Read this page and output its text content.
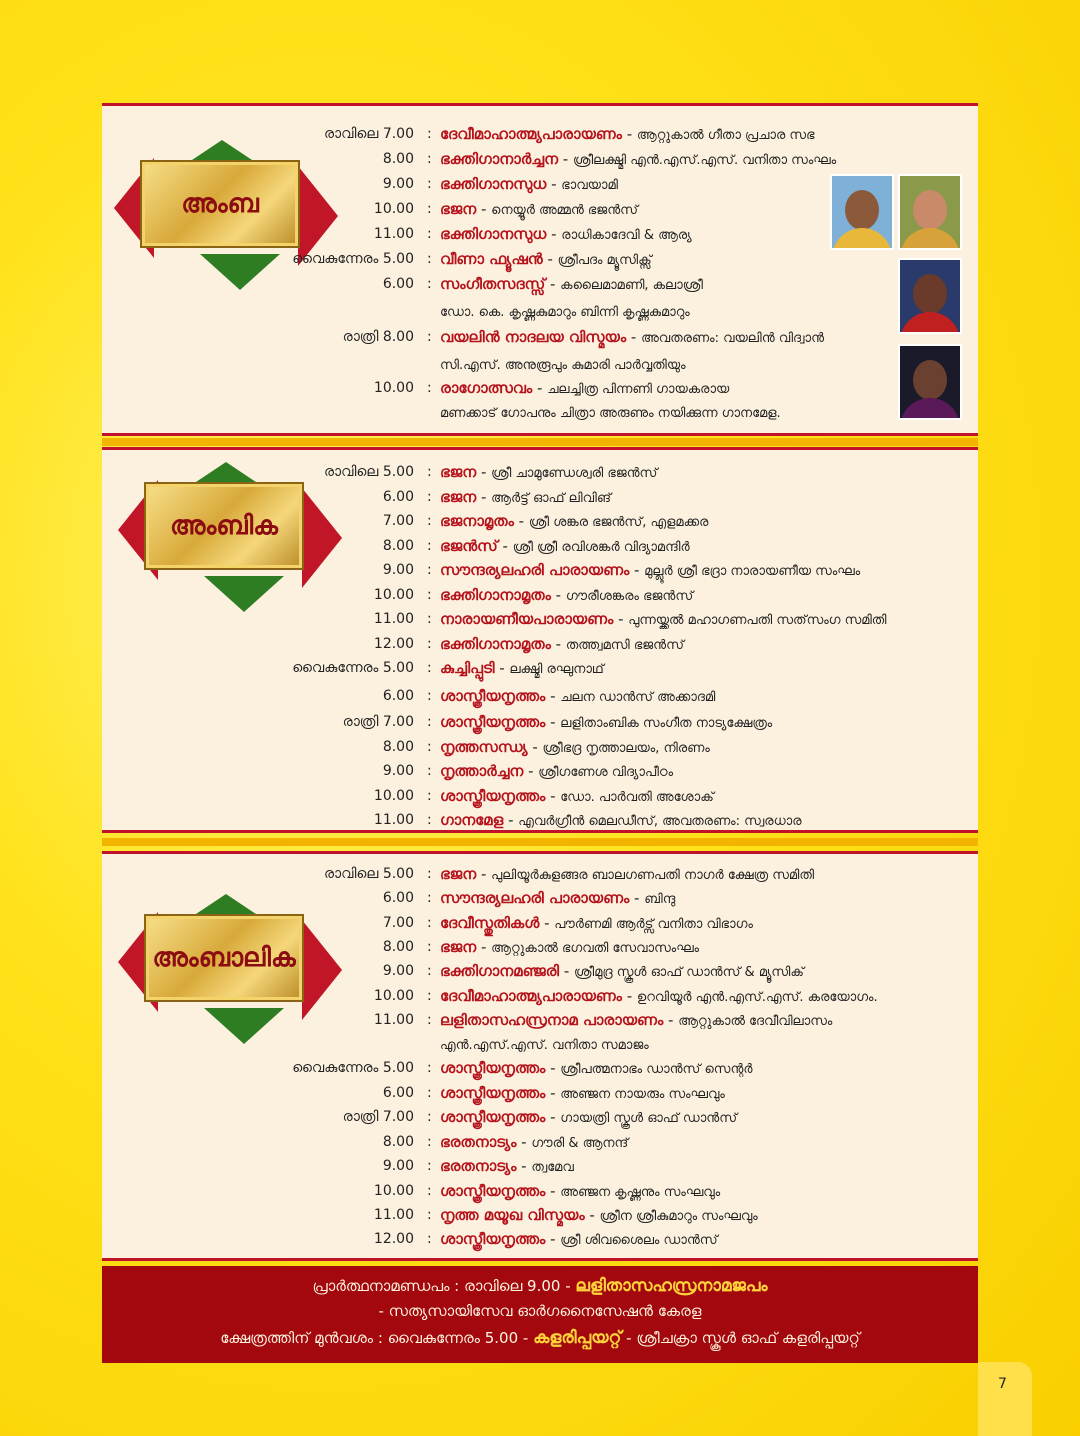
അംബ
രാവിലെ 7.00 : ദേവീമാഹാത്മ്യപാരായണം - ആറ്റുകാൽ ഗീതാ പ്രചാര സഭ
8.00 : ഭക്തിഗാനാർച്ചന - ശ്രീലക്ഷ്മി എൻ.എസ്.എസ്. വനിതാ സംഘം
9.00 : ഭക്തിഗാനസുധ - ഭാവയാമി
10.00 : ഭജന - നെയ്യൂർ അമ്മൻ ഭജൻസ്
11.00 : ഭക്തിഗാനസുധ - രാധികാദേവി & ആര്യ
വൈകുന്നേരം 5.00 : വീണാ ഫ്യൂഷൻ - ശ്രീപദം മ്യൂസിക്സ്
6.00 : സംഗീതസദസ്സ് - കലൈമാമണി, കലാശ്രീ
ഡോ. കെ. കൃഷ്ണകുമാറും ബിന്നി കൃഷ്ണകുമാറും
രാത്രി 8.00 : വയലിൻ നാദലയ വിസ്മയം - അവതരണം: വയലിൻ വിദ്വാൻ
സി.എസ്. അനുരൂപും കുമാരി പാർവ്വതിയും
10.00 : രാഗോത്സവം - ചലച്ചിത്ര പിന്നണി ഗായകരായ
മണക്കാട് ഗോപനും ചിത്രാ അരുണും നയിക്കുന്ന ഗാനമേള.
അംബിക
രാവിലെ 5.00 : ഭജന - ശ്രീ ചാമുണ്ഡേശ്വരി ഭജൻസ്
6.00 : ഭജന - ആർട്ട് ഓഫ് ലിവിങ്
7.00 : ഭജനാമൃതം - ശ്രീ ശങ്കര ഭജൻസ്, എളമക്കര
8.00 : ഭജൻസ് - ശ്രീ ശ്രീ രവിശങ്കർ വിദ്യാമന്ദിർ
9.00 : സൗന്ദര്യലഹരി പാരായണം - മുല്ലൂർ ശ്രീ ഭദ്രാ നാരായണീയ സംഘം
10.00 : ഭക്തിഗാനാമൃതം - ഗൗരീശങ്കരം ഭജൻസ്
11.00 : നാരായണീയപാരായണം - പുന്നയ്ക്കൽ മഹാഗണപതി സത്‌സംഗ സമിതി
12.00 : ഭക്തിഗാനാമൃതം - തത്ത്വമസി ഭജൻസ്
വൈകുന്നേരം 5.00 : കുച്ചിപ്പുടി - ലക്ഷ്മി രഘുനാഥ്
6.00 : ശാസ്ത്രീയനൃത്തം - ചലന ഡാൻസ് അക്കാദമി
രാത്രി 7.00 : ശാസ്ത്രീയനൃത്തം - ലളിതാംബിക സംഗീത നാട്യക്ഷേത്രം
8.00 : നൃത്തസന്ധ്യ - ശ്രീഭദ്ര നൃത്താലയം, നിരണം
9.00 : നൃത്താർച്ചന - ശ്രീഗണേശ വിദ്യാപീഠം
10.00 : ശാസ്ത്രീയനൃത്തം - ഡോ. പാർവതി അശോക്
11.00 : ഗാനമേള - എവർഗ്രീൻ മെലഡീസ്, അവതരണം: സ്വരധാര
അംബാലിക
രാവിലെ 5.00 : ഭജന - പുലിയൂർകുളങ്ങര ബാലഗണപതി നാഗർ ക്ഷേത്ര സമിതി
6.00 : സൗന്ദര്യലഹരി പാരായണം - ബിന്ദു
7.00 : ദേവീസ്തുതികൾ - പൗർണമി ആർട്സ് വനിതാ വിഭാഗം
8.00 : ഭജന - ആറ്റുകാൽ ഭഗവതി സേവാസംഘം
9.00 : ഭക്തിഗാനമഞ്ജരി - ശ്രീമുദ്ര സ്കൂൾ ഓഫ് ഡാൻസ് & മ്യൂസിക്
10.00 : ദേവീമാഹാത്മ്യപാരായണം - ഉറവിയൂർ എൻ.എസ്.എസ്. കരയോഗം.
11.00 : ലളിതാസഹസ്രനാമ പാരായണം - ആറ്റുകാൽ ദേവീവിലാസം
എൻ.എസ്.എസ്. വനിതാ സമാജം
വൈകുന്നേരം 5.00 : ശാസ്ത്രീയനൃത്തം - ശ്രീപത്മനാഭം ഡാൻസ് സെന്റർ
6.00 : ശാസ്ത്രീയനൃത്തം - അഞ്ജന നായരും സംഘവും
രാത്രി 7.00 : ശാസ്ത്രീയനൃത്തം - ഗായത്രി സ്കൂൾ ഓഫ് ഡാൻസ്
8.00 : ഭരതനാട്യം - ഗൗരി & ആനന്ദ്
9.00 : ഭരതനാട്യം - ത്വമേവ
10.00 : ശാസ്ത്രീയനൃത്തം - അഞ്ജന കൃഷ്ണനും സംഘവും
11.00 : നൃത്ത മയൂഖ വിസ്മയം - ശ്രീന ശ്രീകുമാറും സംഘവും
12.00 : ശാസ്ത്രീയനൃത്തം - ശ്രീ ശിവശൈലം ഡാൻസ്
പ്രാർത്ഥനാമണ്ഡപം : രാവിലെ 9.00 - ലളിതാസഹസ്രനാമജപം
- സത്യസായിസേവ ഓർഗനൈസേഷൻ കേരള
ക്ഷേത്രത്തിന് മുൻവശം : വൈകുന്നേരം 5.00 - കളരിപ്പയറ്റ് - ശ്രീചക്രാ സ്കൂൾ ഓഫ് കളരിപ്പയറ്റ്
7
